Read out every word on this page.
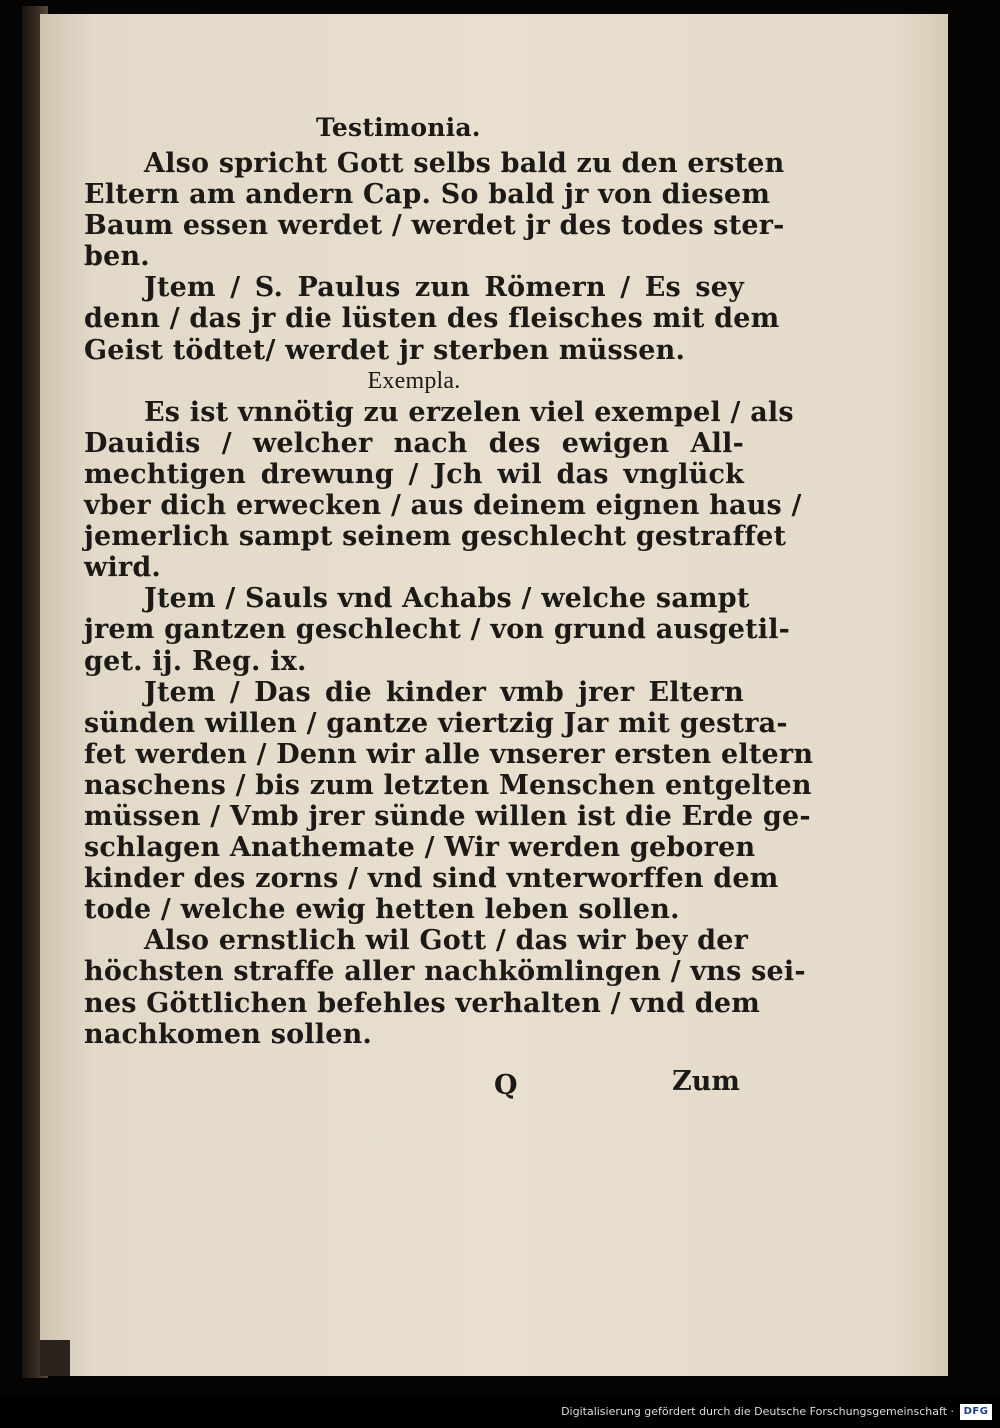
Testimonia.
Also spricht Gott selbs bald zu den ersten
Eltern am andern Cap. So bald jr von diesem
Baum essen werdet / werdet jr des todes ster-
ben.
Jtem / S. Paulus zun Römern / Es sey
denn / das jr die lüsten des fleisches mit dem
Geist tödtet/ werdet jr sterben müssen.
Exempla.
Es ist vnnötig zu erzelen viel exempel / als
Dauidis / welcher nach des ewigen All-
mechtigen drewung / Jch wil das vnglück
vber dich erwecken / aus deinem eignen haus /
jemerlich sampt seinem geschlecht gestraffet
wird.
Jtem / Sauls vnd Achabs / welche sampt
jrem gantzen geschlecht / von grund ausgetil-
get. ij. Reg. ix.
Jtem / Das die kinder vmb jrer Eltern
sünden willen / gantze viertzig Jar mit gestra-
fet werden / Denn wir alle vnserer ersten eltern
naschens / bis zum letzten Menschen entgelten
müssen / Vmb jrer sünde willen ist die Erde ge-
schlagen Anathemate / Wir werden geboren
kinder des zorns / vnd sind vnterworffen dem
tode / welche ewig hetten leben sollen.
Also ernstlich wil Gott / das wir bey der
höchsten straffe aller nachkömlingen / vns sei-
nes Göttlichen befehles verhalten / vnd dem
nachkomen sollen.
Q	Zum
Digitalisierung gefördert durch die Deutsche Forschungsgemeinschaft · DFG
